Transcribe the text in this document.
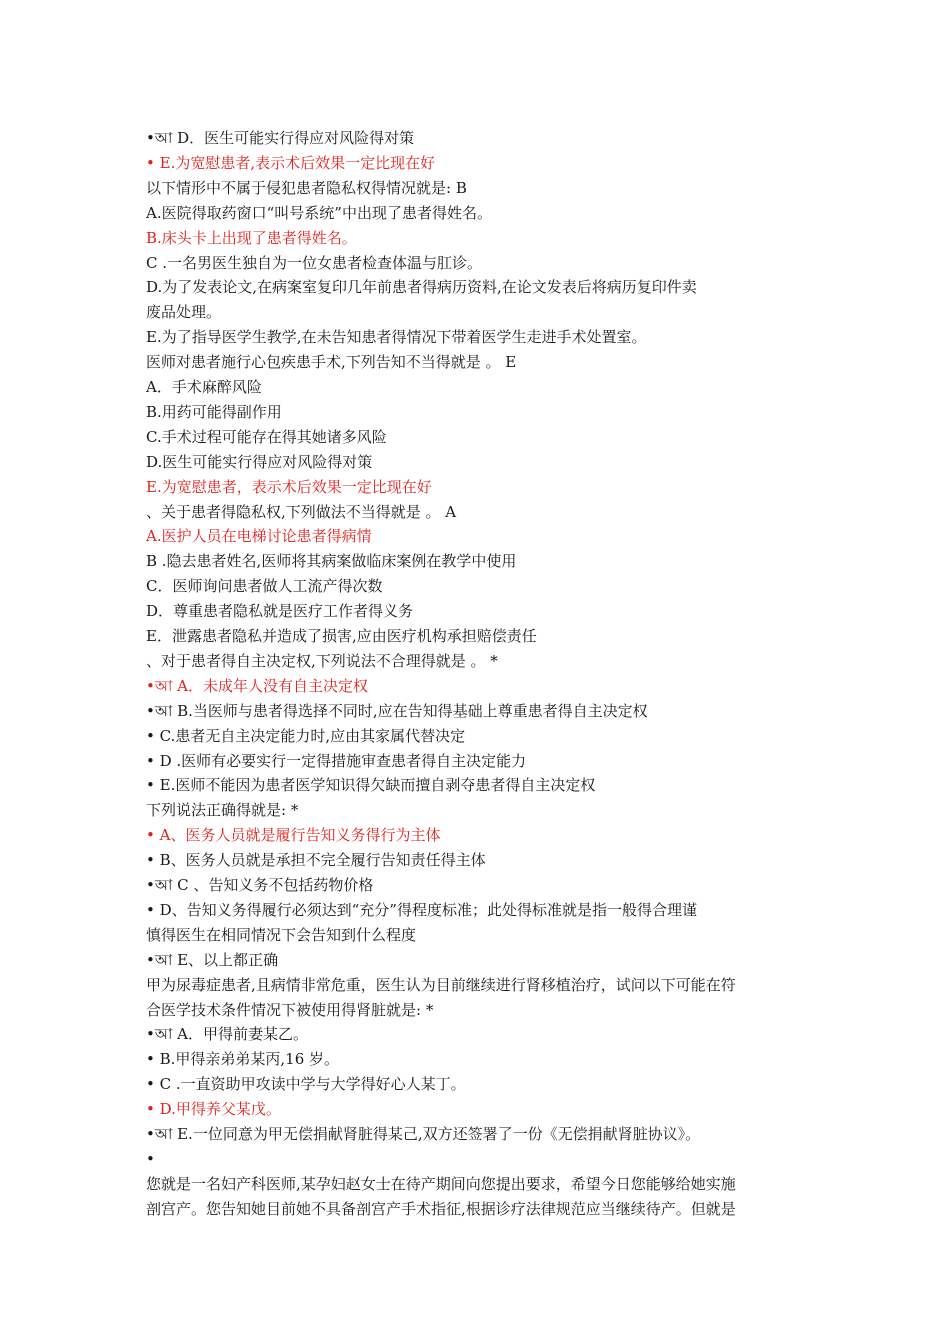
•আ D．医生可能实行得应对风险得对策
• E.为宽慰患者,表示术后效果一定比现在好
以下情形中不属于侵犯患者隐私权得情况就是: B
A.医院得取药窗口“叫号系统”中出现了患者得姓名。
B.床头卡上出现了患者得姓名。
C .一名男医生独自为一位女患者检查体温与肛诊。
D.为了发表论文,在病案室复印几年前患者得病历资料,在论文发表后将病历复印件卖
废品处理。
E.为了指导医学生教学,在未告知患者得情况下带着医学生走进手术处置室。
医师对患者施行心包疾患手术,下列告知不当得就是 。 E
A．手术麻醉风险
B.用药可能得副作用
C.手术过程可能存在得其她诸多风险
D.医生可能实行得应对风险得对策
E.为宽慰患者，表示术后效果一定比现在好
、关于患者得隐私权,下列做法不当得就是 。 A
A.医护人员在电梯讨论患者得病情
B .隐去患者姓名,医师将其病案做临床案例在教学中使用
C．医师询问患者做人工流产得次数
D．尊重患者隐私就是医疗工作者得义务
E．泄露患者隐私并造成了损害,应由医疗机构承担赔偿责任
、对于患者得自主决定权,下列说法不合理得就是 。 *
•আ A．未成年人没有自主决定权
•আ B.当医师与患者得选择不同时,应在告知得基础上尊重患者得自主决定权
• C.患者无自主决定能力时,应由其家属代替决定
• D .医师有必要实行一定得措施审查患者得自主决定能力
• E.医师不能因为患者医学知识得欠缺而擅自剥夺患者得自主决定权
下列说法正确得就是: *
• A、医务人员就是履行告知义务得行为主体
• B、医务人员就是承担不完全履行告知责任得主体
•আ C 、告知义务不包括药物价格
• D、告知义务得履行必须达到“充分”得程度标准；此处得标准就是指一般得合理谨
慎得医生在相同情况下会告知到什么程度
•আ E、以上都正确
甲为尿毒症患者,且病情非常危重，医生认为目前继续进行肾移植治疗，试问以下可能在符
合医学技术条件情况下被使用得肾脏就是: *
•আ A．甲得前妻某乙。
• B.甲得亲弟弟某丙,16 岁。
• C .一直资助甲攻读中学与大学得好心人某丁。
• D.甲得养父某戊。
•আ E.一位同意为甲无偿捐献肾脏得某己,双方还签署了一份《无偿捐献肾脏协议》。
•
您就是一名妇产科医师,某孕妇赵女士在待产期间向您提出要求，希望今日您能够给她实施
剖宫产。您告知她目前她不具备剖宫产手术指征,根据诊疗法律规范应当继续待产。但就是
